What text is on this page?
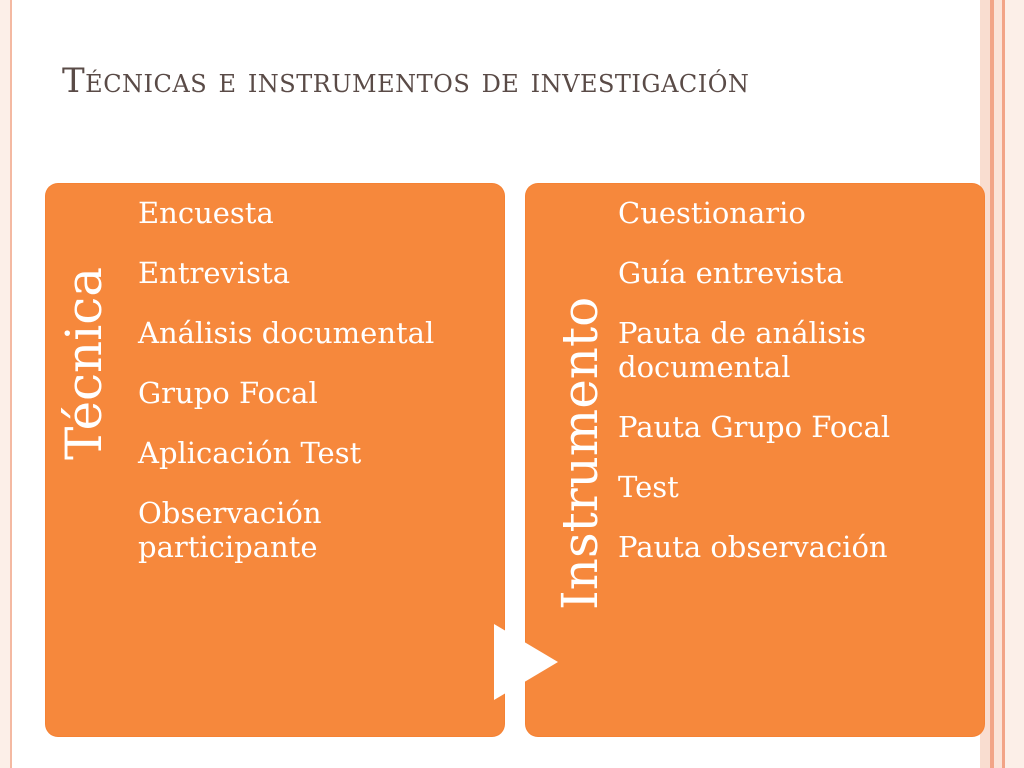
Técnicas e instrumentos de investigación
Técnica	Instrumento
Encuesta
Entrevista
Análisis documental
Grupo Focal
Aplicación Test
Observación participante
Cuestionario
Guía entrevista
Pauta de análisis documental
Pauta Grupo Focal
Test
Pauta observación
